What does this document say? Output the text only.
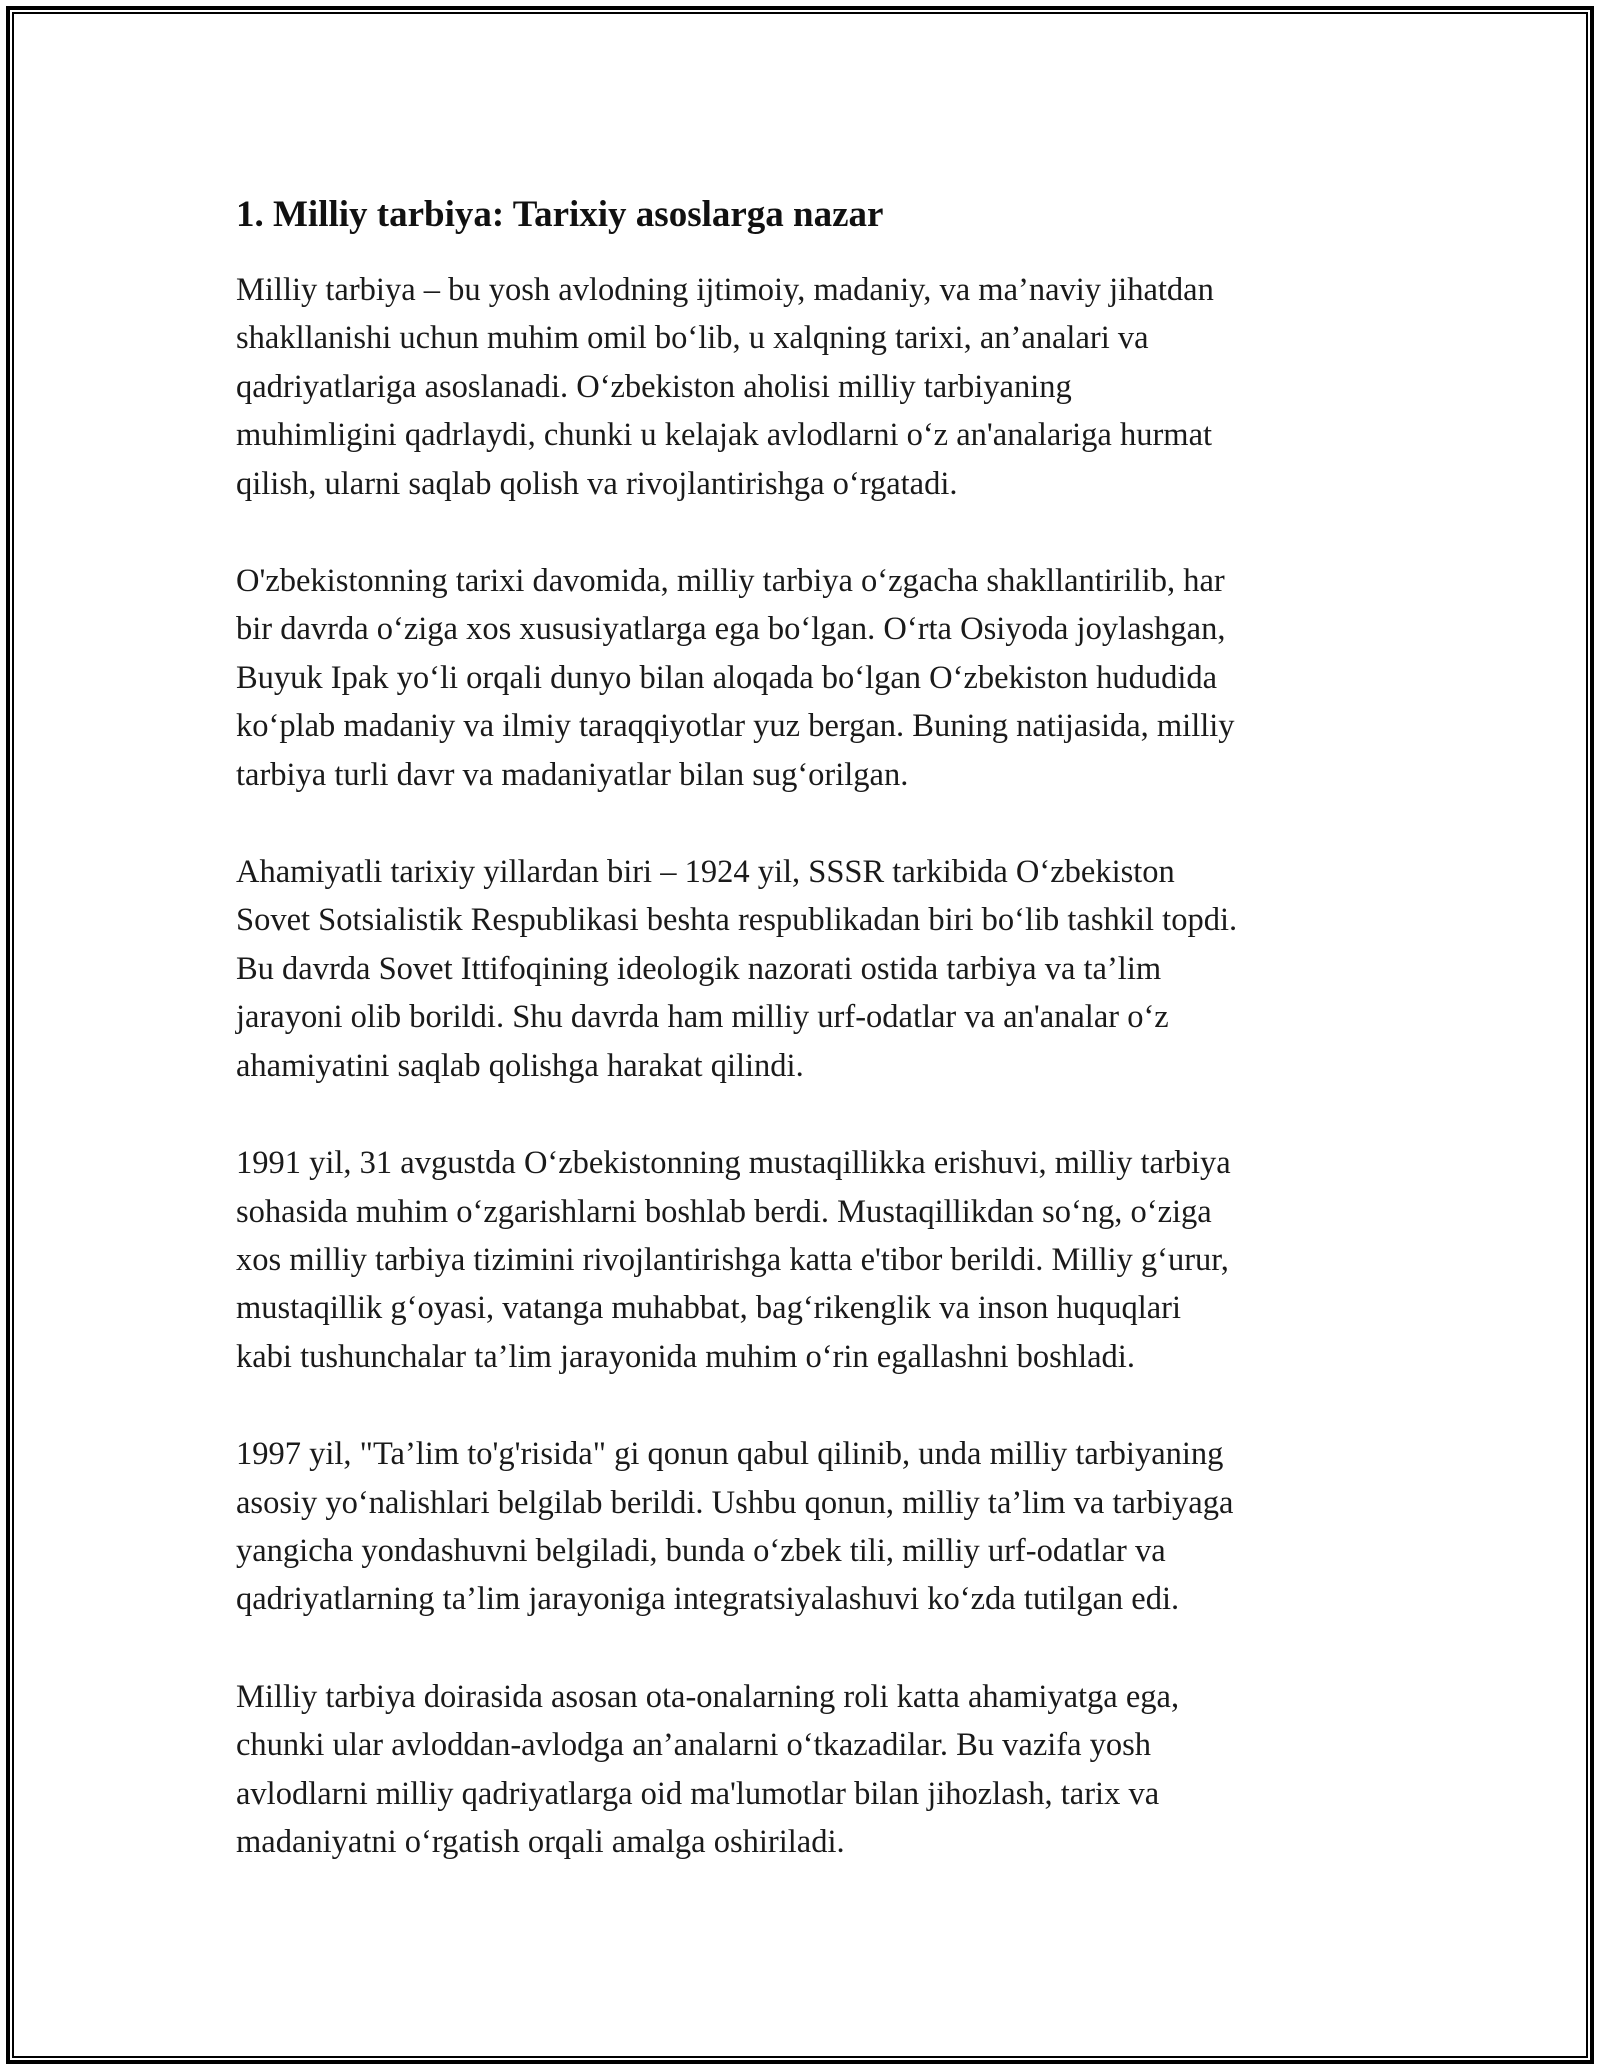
1. Milliy tarbiya: Tarixiy asoslarga nazar

Milliy tarbiya – bu yosh avlodning ijtimoiy, madaniy, va ma’naviy jihatdan
shakllanishi uchun muhim omil bo‘lib, u xalqning tarixi, an’analari va
qadriyatlariga asoslanadi. O‘zbekiston aholisi milliy tarbiyaning
muhimligini qadrlaydi, chunki u kelajak avlodlarni o‘z an'analariga hurmat
qilish, ularni saqlab qolish va rivojlantirishga o‘rgatadi.

O'zbekistonning tarixi davomida, milliy tarbiya o‘zgacha shakllantirilib, har
bir davrda o‘ziga xos xususiyatlarga ega bo‘lgan. O‘rta Osiyoda joylashgan,
Buyuk Ipak yo‘li orqali dunyo bilan aloqada bo‘lgan O‘zbekiston hududida
ko‘plab madaniy va ilmiy taraqqiyotlar yuz bergan. Buning natijasida, milliy
tarbiya turli davr va madaniyatlar bilan sug‘orilgan.

Ahamiyatli tarixiy yillardan biri – 1924 yil, SSSR tarkibida O‘zbekiston
Sovet Sotsialistik Respublikasi beshta respublikadan biri bo‘lib tashkil topdi.
Bu davrda Sovet Ittifoqining ideologik nazorati ostida tarbiya va ta’lim
jarayoni olib borildi. Shu davrda ham milliy urf-odatlar va an'analar o‘z
ahamiyatini saqlab qolishga harakat qilindi.

1991 yil, 31 avgustda O‘zbekistonning mustaqillikka erishuvi, milliy tarbiya
sohasida muhim o‘zgarishlarni boshlab berdi. Mustaqillikdan so‘ng, o‘ziga
xos milliy tarbiya tizimini rivojlantirishga katta e'tibor berildi. Milliy g‘urur,
mustaqillik g‘oyasi, vatanga muhabbat, bag‘rikenglik va inson huquqlari
kabi tushunchalar ta’lim jarayonida muhim o‘rin egallashni boshladi.

1997 yil, "Ta’lim to'g'risida" gi qonun qabul qilinib, unda milliy tarbiyaning
asosiy yo‘nalishlari belgilab berildi. Ushbu qonun, milliy ta’lim va tarbiyaga
yangicha yondashuvni belgiladi, bunda o‘zbek tili, milliy urf-odatlar va
qadriyatlarning ta’lim jarayoniga integratsiyalashuvi ko‘zda tutilgan edi.

Milliy tarbiya doirasida asosan ota-onalarning roli katta ahamiyatga ega,
chunki ular avloddan-avlodga an’analarni o‘tkazadilar. Bu vazifa yosh
avlodlarni milliy qadriyatlarga oid ma'lumotlar bilan jihozlash, tarix va
madaniyatni o‘rgatish orqali amalga oshiriladi.
